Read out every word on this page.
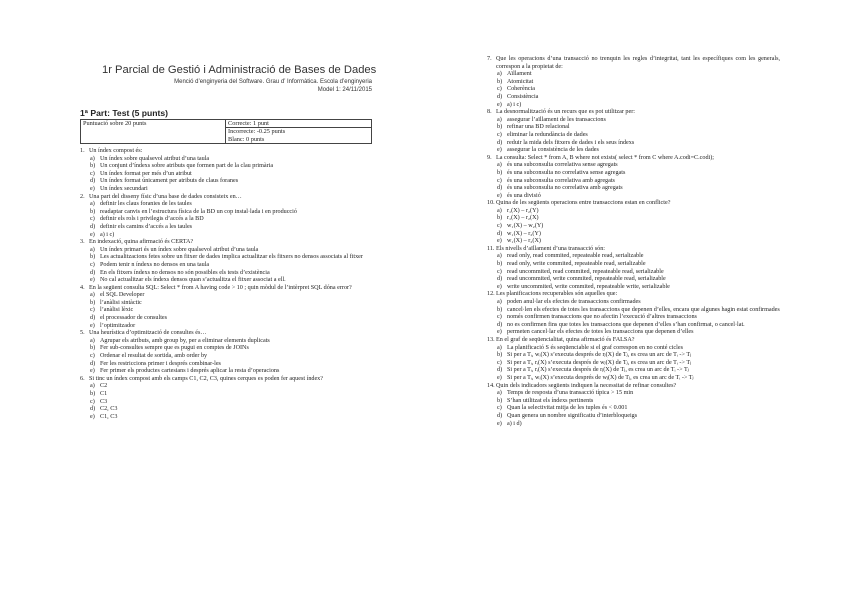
1r Parcial de Gestió i Administració de Bases de Dades
Menció d’enginyeria del Software. Grau d’ Informàtica. Escola d’enginyeria
Model 1: 24/11/2015
1ª Part: Test (5 punts)
Puntuació sobre 20 punts	Correcte: 1 punt
Incorrecte: -0.25 punts
Blanc: 0 punts
1. Un índex compost és:
a) Un índex sobre qualsevol atribut d’una taula
b) Un conjunt d’índexs sobre atributs que formen part de la clau primària
c) Un índex format per més d’un atribut
d) Un índex format únicament per atributs de claus foranes
e) Un índex secundari
2. Una part del disseny físic d’una base de dades consisteix en…
a) definir les claus foranies de les taules
b) readaptar canvis en l’estructura física de la BD un cop instal·lada i en producció
c) definir els rols i privilegis d’accés a la BD
d) definir els camins d’accés a les taules
e) a) i c)
3. En indexació, quina afirmació és CERTA?
a) Un índex primari és un índex sobre qualsevol atribut d’una taula
b) Les actualitzacions fetes sobre un fitxer de dades implica actualitzar els fitxers no densos associats al fitxer
c) Podem tenir n índexs no densos en una taula
d) En els fitxers índexs no densos no són possibles els tests d’existència
e) No cal actualitzar els índexs densos quan s’actualitza el fitxer associat a ell.
4. En la següent consulta SQL: Select * from A having code > 10 ; quin mòdul de l’intèrpret SQL dóna error?
a) el SQL Developer
b) l’anàlisi sintàctic
c) l’anàlisi lèxic
d) el processador de consultes
e) l’optimitzador
5. Una heurística d’optimització de consultes és…
a) Agrupar els atributs, amb group by, per a eliminar elements duplicats
b) Fer sub-consultes sempre que es pugui en comptes de JOINs
c) Ordenar el resultat de sortida, amb order by
d) Fer les restriccions primer i després combinar-les
e) Fer primer els productes cartesians i després aplicar la resta d’operacions
6. Si tinc un índex compost amb els camps C1, C2, C3, quines cerques es poden fer aquest índex?
a) C2
b) C1
c) C3
d) C2, C3
e) C1, C3
7. Que les operacions d’una transacció no trenquin les regles d’integritat, tant les específiques com les generals, correspon a la propietat de:
a) Aïllament
b) Atomicitat
c) Coherència
d) Consistència
e) a) i c)
8. La desnormalització és un recurs que es pot utilitzar per:
a) assegurar l’aïllament de les transaccions
b) refinar una BD relacional
c) eliminar la redundància de dades
d) reduir la mida dels fitxers de dades i els seus índexs
e) assegurar la consistència de les dades
9. La consulta: Select * from A, B where not exists( select * from C where A.codi=C.codi);
a) és una subconsulta correlativa sense agregats
b) és una subconsulta no correlativa sense agregats
c) és una subconsulta correlativa amb agregats
d) és una subconsulta no correlativa amb agregats
e) és una divisió
10. Quina de les següents operacions entre transaccions estan en conflicte?
a) r₁(X) – r₂(Y)
b) r₁(X) – r₂(X)
c) w₁(X) – w₂(Y)
d) w₁(X) – r₂(Y)
e) w₁(X) – r₂(X)
11. Els nivells d’aïllament d’una transacció són:
a) read only, read commited, repeateable read, serializable
b) read only, write commited, repeateable read, serializable
c) read uncommited, read commited, repeateable read, serializable
d) read uncommited, write commited, repeateable read, serializable
e) write uncommited, write commited, repeateable write, serializable
12. Les planificacions recuperables són aquelles que:
a) poden anul·lar els efectes de transaccions confirmades
b) cancel·len els efectes de totes les transaccions que depenen d’elles, encara que algunes hagin estat confirmades
c) només confirmen transaccions que no afectin l’execució d’altres transaccions
d) no es confirmen fins que totes les transaccions que depenen d’elles s’han confirmat, o cancel·lat.
e) permeten cancel·lar els efectes de totes les transaccions que depenen d’elles
13. En el graf de seqüencialitat, quina afirmació és FALSA?
a) La planificació S és seqüenciable si el graf correspon en no conté cicles
b) Si per a Tᵢ, wᵢ(X) s’executa després de rⱼ(X) de Tⱼ, es crea un arc de Tᵢ -> Tⱼ
c) Si per a Tᵢ, rᵢ(X) s’executa després de wⱼ(X) de Tⱼ, es crea un arc de Tᵢ -> Tⱼ
d) Si per a Tᵢ, rᵢ(X) s’executa després de rⱼ(X) de Tⱼ, es crea un arc de Tᵢ -> Tⱼ
e) Si per a Tᵢ, wᵢ(X) s’executa després de wⱼ(X) de Tⱼ, es crea un arc de Tᵢ -> Tⱼ
14. Quin dels indicadors següents indiquen la necessitat de refinar consultes?
a) Temps de resposta d’una transacció típica > 15 min
b) S’han utilitzat els índexs pertinents
c) Quan la selectivitat mitja de les tuples és < 0.001
d) Quan genera un nombre significatiu d’interbloqueigs
e) a) i d)
